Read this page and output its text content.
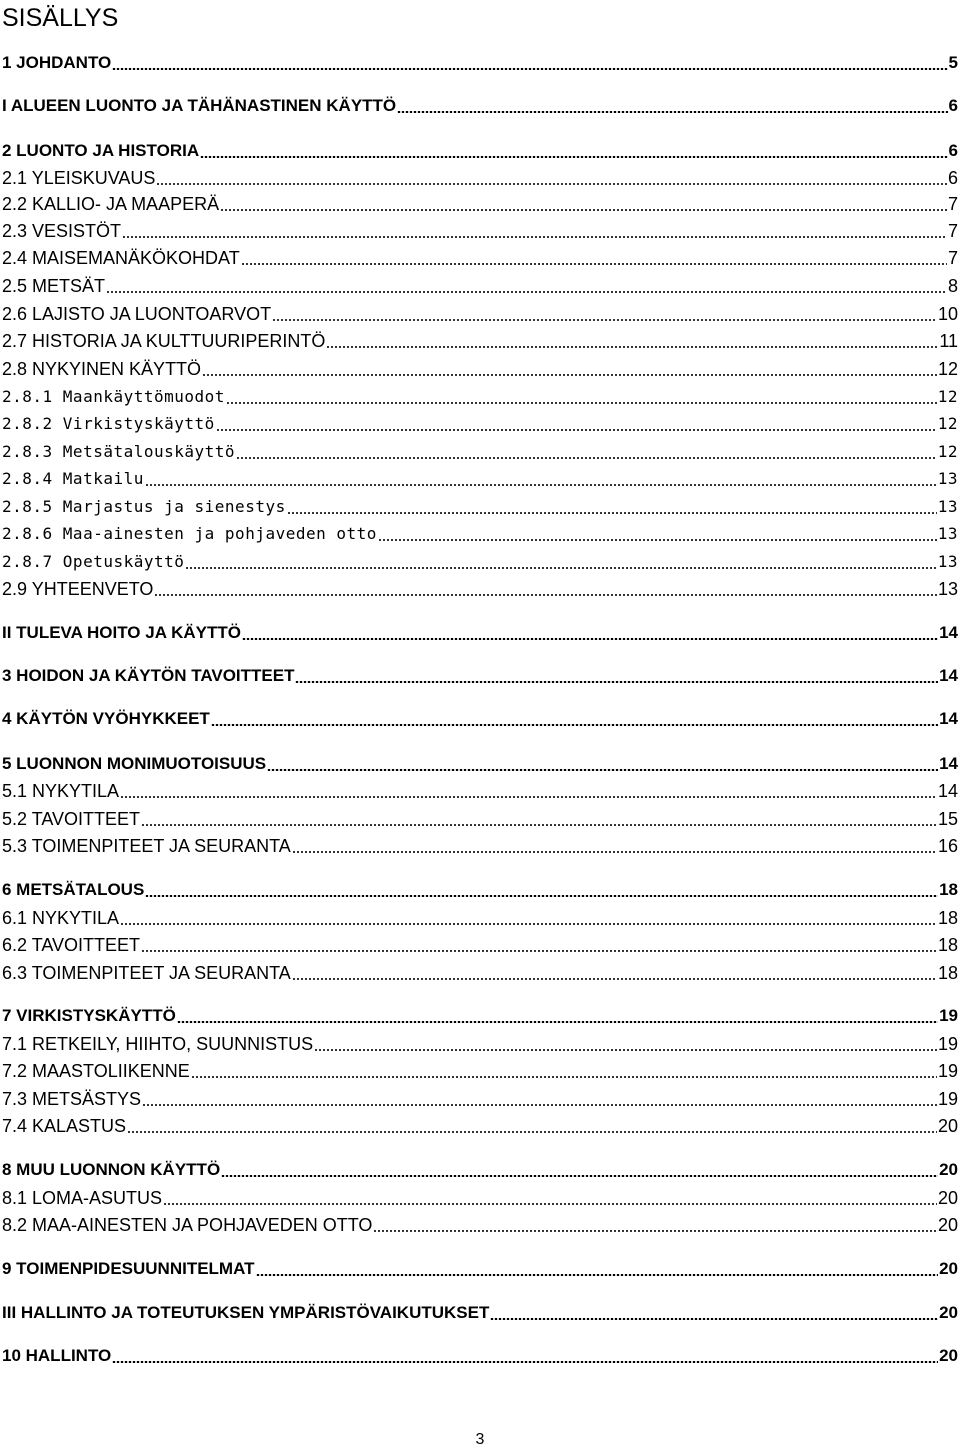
SISÄLLYS
1 JOHDANTO	5
I ALUEEN LUONTO JA TÄHÄNASTINEN KÄYTTÖ	6
2 LUONTO JA HISTORIA	6
2.1 YLEISKUVAUS	6
2.2 KALLIO- JA MAAPERÄ	7
2.3 VESISTÖT	7
2.4 MAISEMANÄKÖKOHDAT	7
2.5 METSÄT	8
2.6 LAJISTO JA LUONTOARVOT	10
2.7 HISTORIA JA KULTTUURIPERINTÖ	11
2.8 NYKYINEN KÄYTTÖ	12
2.8.1 Maankäyttömuodot	12
2.8.2 Virkistyskäyttö	12
2.8.3 Metsätalouskäyttö	12
2.8.4 Matkailu	13
2.8.5 Marjastus ja sienestys	13
2.8.6 Maa-ainesten ja pohjaveden otto	13
2.8.7 Opetuskäyttö	13
2.9 YHTEENVETO	13
II TULEVA HOITO JA KÄYTTÖ	14
3 HOIDON JA KÄYTÖN TAVOITTEET	14
4 KÄYTÖN VYÖHYKKEET	14
5 LUONNON MONIMUOTOISUUS	14
5.1 NYKYTILA	14
5.2 TAVOITTEET	15
5.3 TOIMENPITEET JA SEURANTA	16
6 METSÄTALOUS	18
6.1 NYKYTILA	18
6.2 TAVOITTEET	18
6.3 TOIMENPITEET JA SEURANTA	18
7 VIRKISTYSKÄYTTÖ	19
7.1 RETKEILY, HIIHTO, SUUNNISTUS	19
7.2 MAASTOLIIKENNE	19
7.3 METSÄSTYS	19
7.4 KALASTUS	20
8 MUU LUONNON KÄYTTÖ	20
8.1 LOMA-ASUTUS	20
8.2 MAA-AINESTEN JA POHJAVEDEN OTTO	20
9 TOIMENPIDESUUNNITELMAT	20
III HALLINTO JA TOTEUTUKSEN YMPÄRISTÖVAIKUTUKSET	20
10 HALLINTO	20
3
